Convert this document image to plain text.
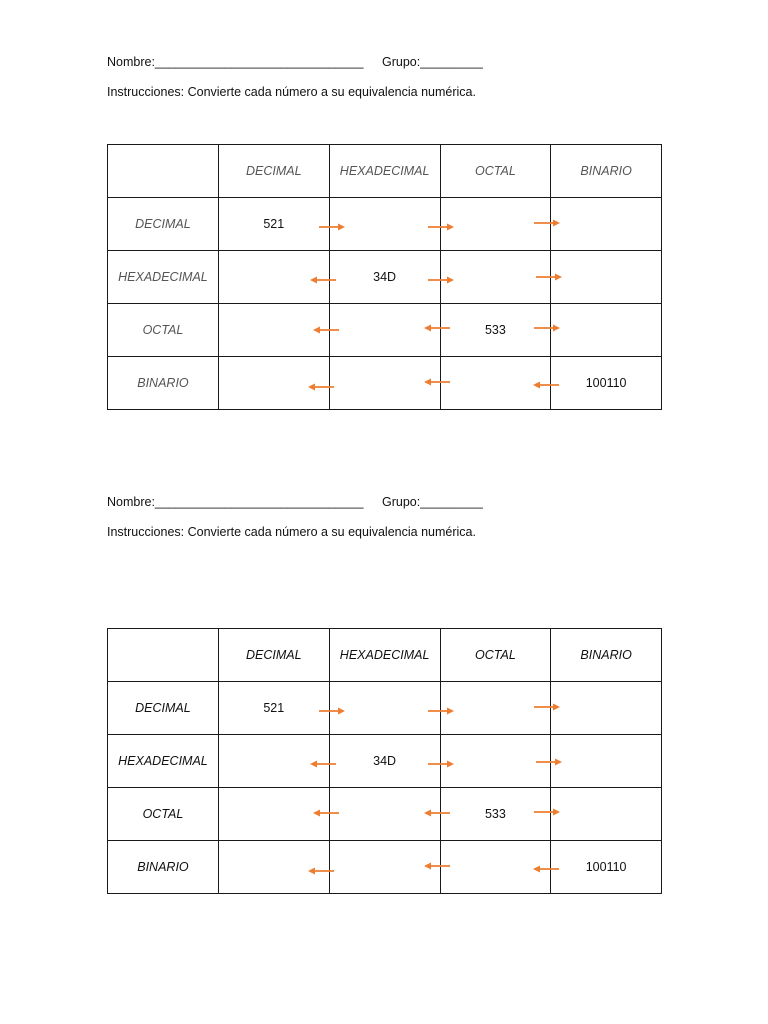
Nombre:______________________________ Grupo:_________
Instrucciones: Convierte cada número a su equivalencia numérica.
	DECIMAL	HEXADECIMAL	OCTAL	BINARIO
DECIMAL	521			
HEXADECIMAL		34D		
OCTAL			533	
BINARIO				100110
Nombre:______________________________ Grupo:_________
Instrucciones: Convierte cada número a su equivalencia numérica.
	DECIMAL	HEXADECIMAL	OCTAL	BINARIO
DECIMAL	521			
HEXADECIMAL		34D		
OCTAL			533	
BINARIO				100110
